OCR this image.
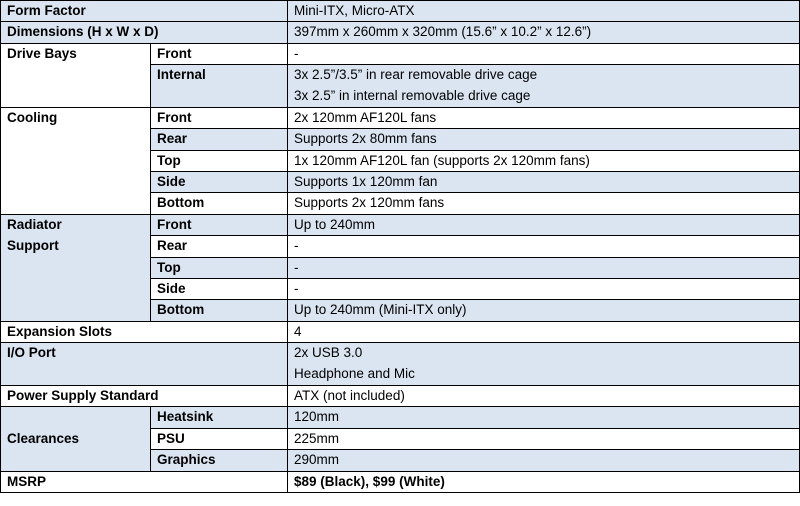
Form Factor		Mini-ITX, Micro-ATX
Dimensions (H x W x D)		397mm x 260mm x 320mm (15.6” x 10.2” x 12.6”)
Drive Bays	Front	-
	Internal	3x 2.5”/3.5” in rear removable drive cage
3x 2.5” in internal removable drive cage

Cooling	Front	2x 120mm AF120L fans
	Rear	Supports 2x 80mm fans
	Top	1x 120mm AF120L fan (supports 2x 120mm fans)
	Side	Supports 1x 120mm fan
	Bottom	Supports 2x 120mm fans

Radiator
Support	Front	Up to 240mm
	Rear	-
	Top	-
	Side	-
	Bottom	Up to 240mm (Mini-ITX only)
Expansion Slots		4
I/O Port		2x USB 3.0
Headphone and Mic

Power Supply Standard		ATX (not included)
Clearances	Heatsink	120mm
	PSU	225mm
	Graphics	290mm
MSRP		$89 (Black), $99 (White)
